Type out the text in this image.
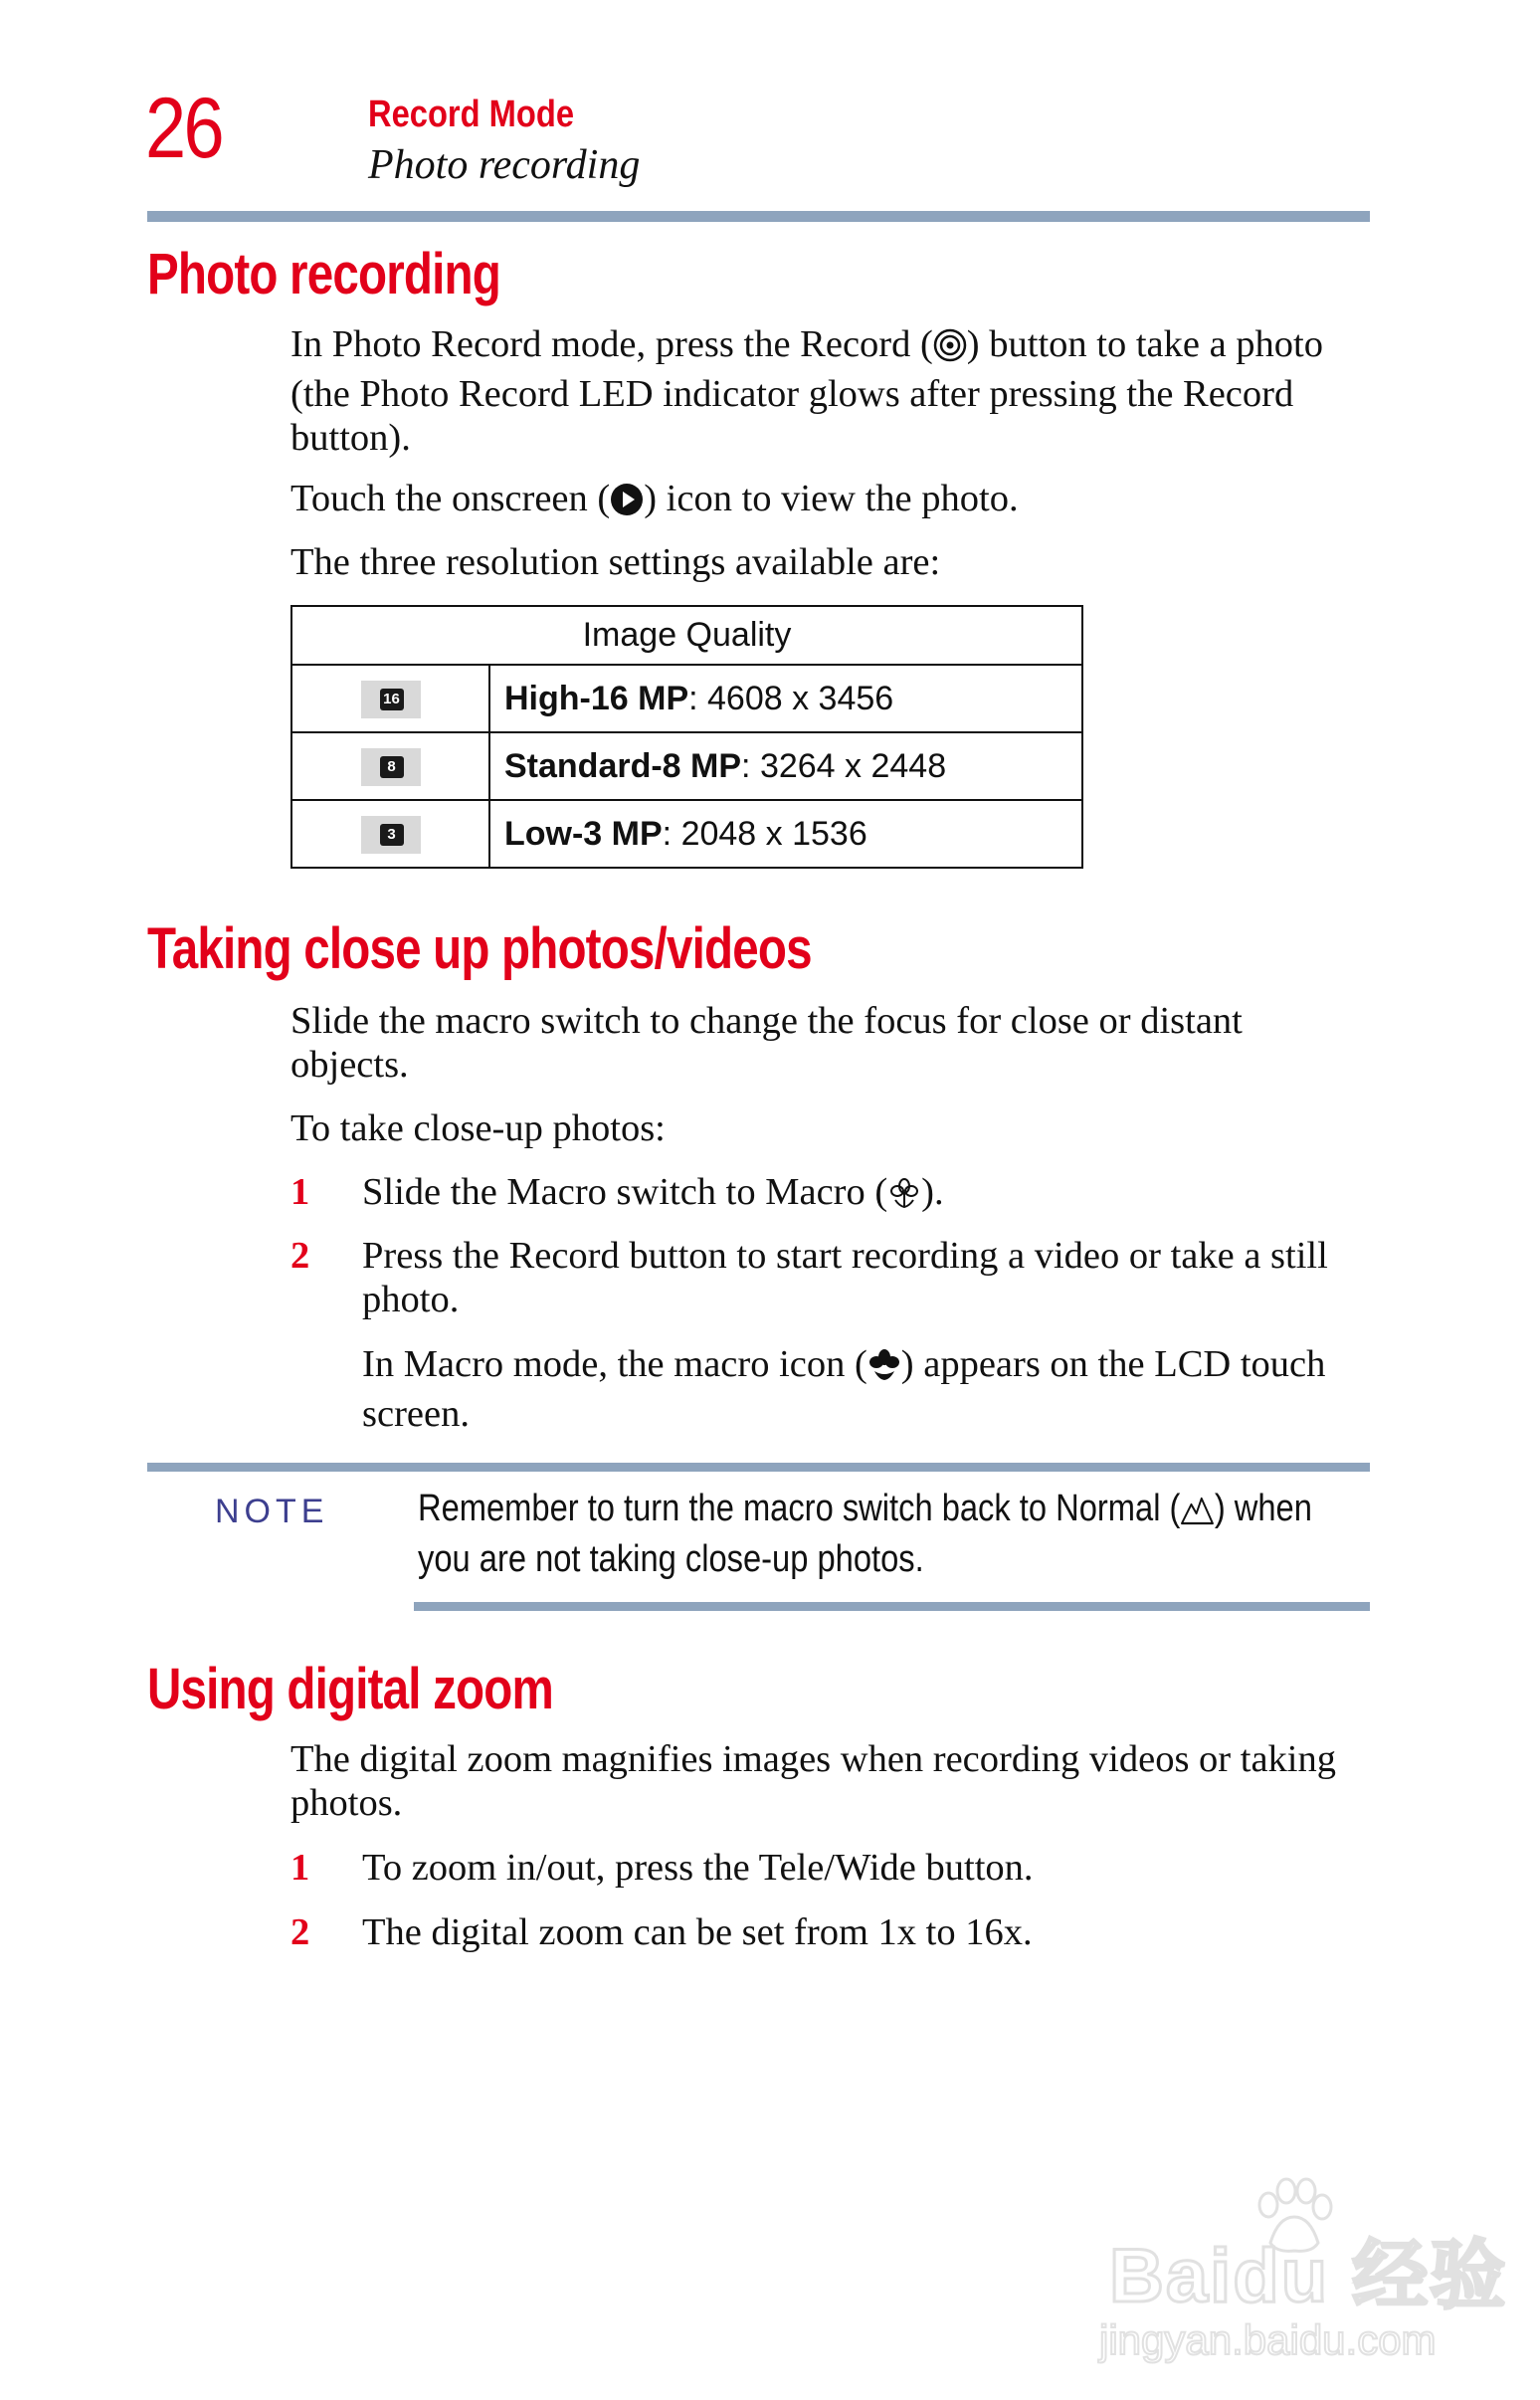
26	Record Mode
Photo recording
Photo recording
In Photo Record mode, press the Record ( ) button to take a photo (the Photo Record LED indicator glows after pressing the Record button).
Touch the onscreen ( ) icon to view the photo.
The three resolution settings available are:
Image Quality	

16	High-16 MP: 4608 x 3456

8	Standard-8 MP: 3264 x 2448

3	Low-3 MP: 2048 x 1536
Taking close up photos/videos
Slide the macro switch to change the focus for close or distant objects.
To take close-up photos:
1 Slide the Macro switch to Macro ( ).
2 Press the Record button to start recording a video or take a still photo.
In Macro mode, the macro icon ( ) appears on the LCD touch screen.
NOTE Remember to turn the macro switch back to Normal ( ) when you are not taking close-up photos.
Using digital zoom
The digital zoom magnifies images when recording videos or taking photos.
1 To zoom in/out, press the Tele/Wide button.
2 The digital zoom can be set from 1x to 16x.
Baidu 经验
jingyan.baidu.com
